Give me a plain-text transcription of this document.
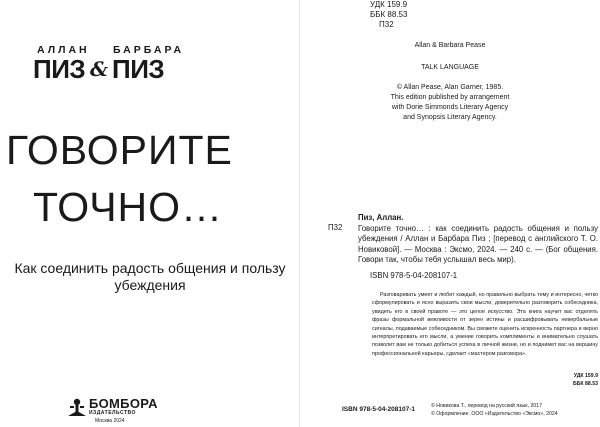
АЛЛАН БАРБАРА
ПИЗ & ПИЗ
ГОВОРИТЕ
ТОЧНО…
Как соединить радость общения и пользу убеждения
БОМБОРА
ИЗДАТЕЛЬСТВО
Москва 2024
УДК 159.9
ББК 88.53
П32
Allan & Barbara Pease
TALK LANGUAGE
© Allan Pease, Alan Garner, 1985.
This edition published by arrangement
with Dorie Simmonds Literary Agency
and Synopsis Literary Agency.
П32
Пиз, Аллан.
Говорите точно… : как соединить радость общения и пользу убеждения / Аллан и Барбара Пиз ; [перевод с английского Т. О. Новиковой]. — Москва : Эксмо, 2024. — 240 с. — (Бог общения. Говори так, чтобы тебя услышал весь мир).
ISBN 978-5-04-208107-1
Разговаривать умеет и любит каждый, но правильно выбрать тему и интересно, четко сформулировать и ясно выразить свои мысли, доверительно разговорить собеседника, увидеть его в своей правоте — это целое искусство. Эта книга научит вас отделять фразы формальной вежливости от зерен истины и расшифровывать невербальные сигналы, подаваемые собеседником. Вы сможете оценить искренность партнера и верно интерпретировать его мысли, а умение говорить комплименты и внимательно слушать позволит вам не только добиться успеха в личной жизни, но и поднимет вас на вершину профессиональной карьеры, сделает «мастером разговора».
УДК 159.9
ББК 88.53
ISBN 978-5-04-208107-1	© Новикова Т., перевод на русский язык, 2017
© Оформление. ООО «Издательство «Эксмо», 2024
